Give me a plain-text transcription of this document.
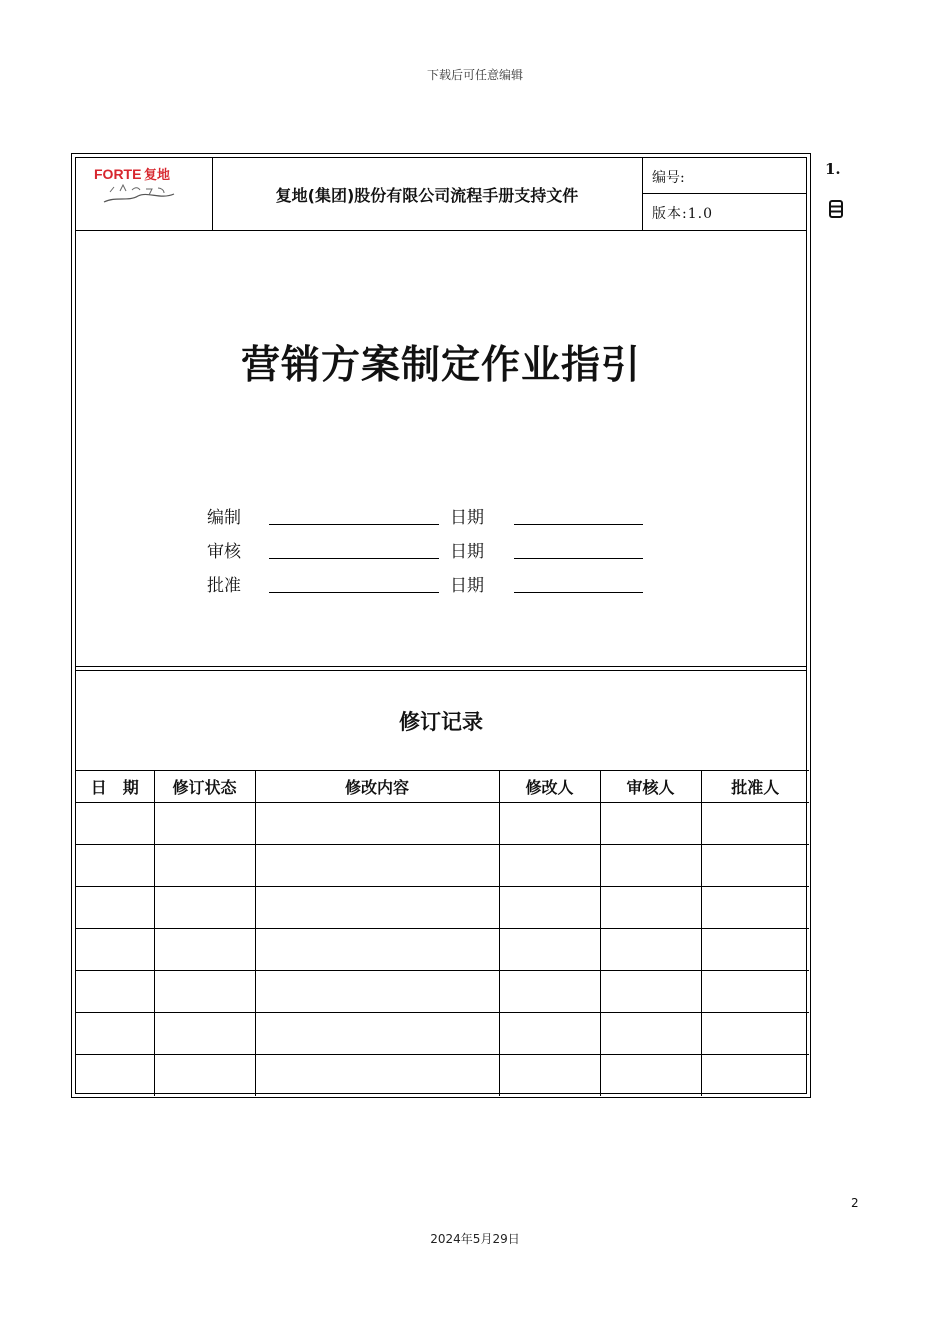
下载后可任意编辑
1.
FORTE 复地
复地(集团)股份有限公司流程手册支持文件
编号:
版本:1.0
营销方案制定作业指引
编制	日期
审核	日期
批准	日期
修订记录
日　期	修订状态	修改内容	修改人	审核人	批准人

2
2024年5月29日
